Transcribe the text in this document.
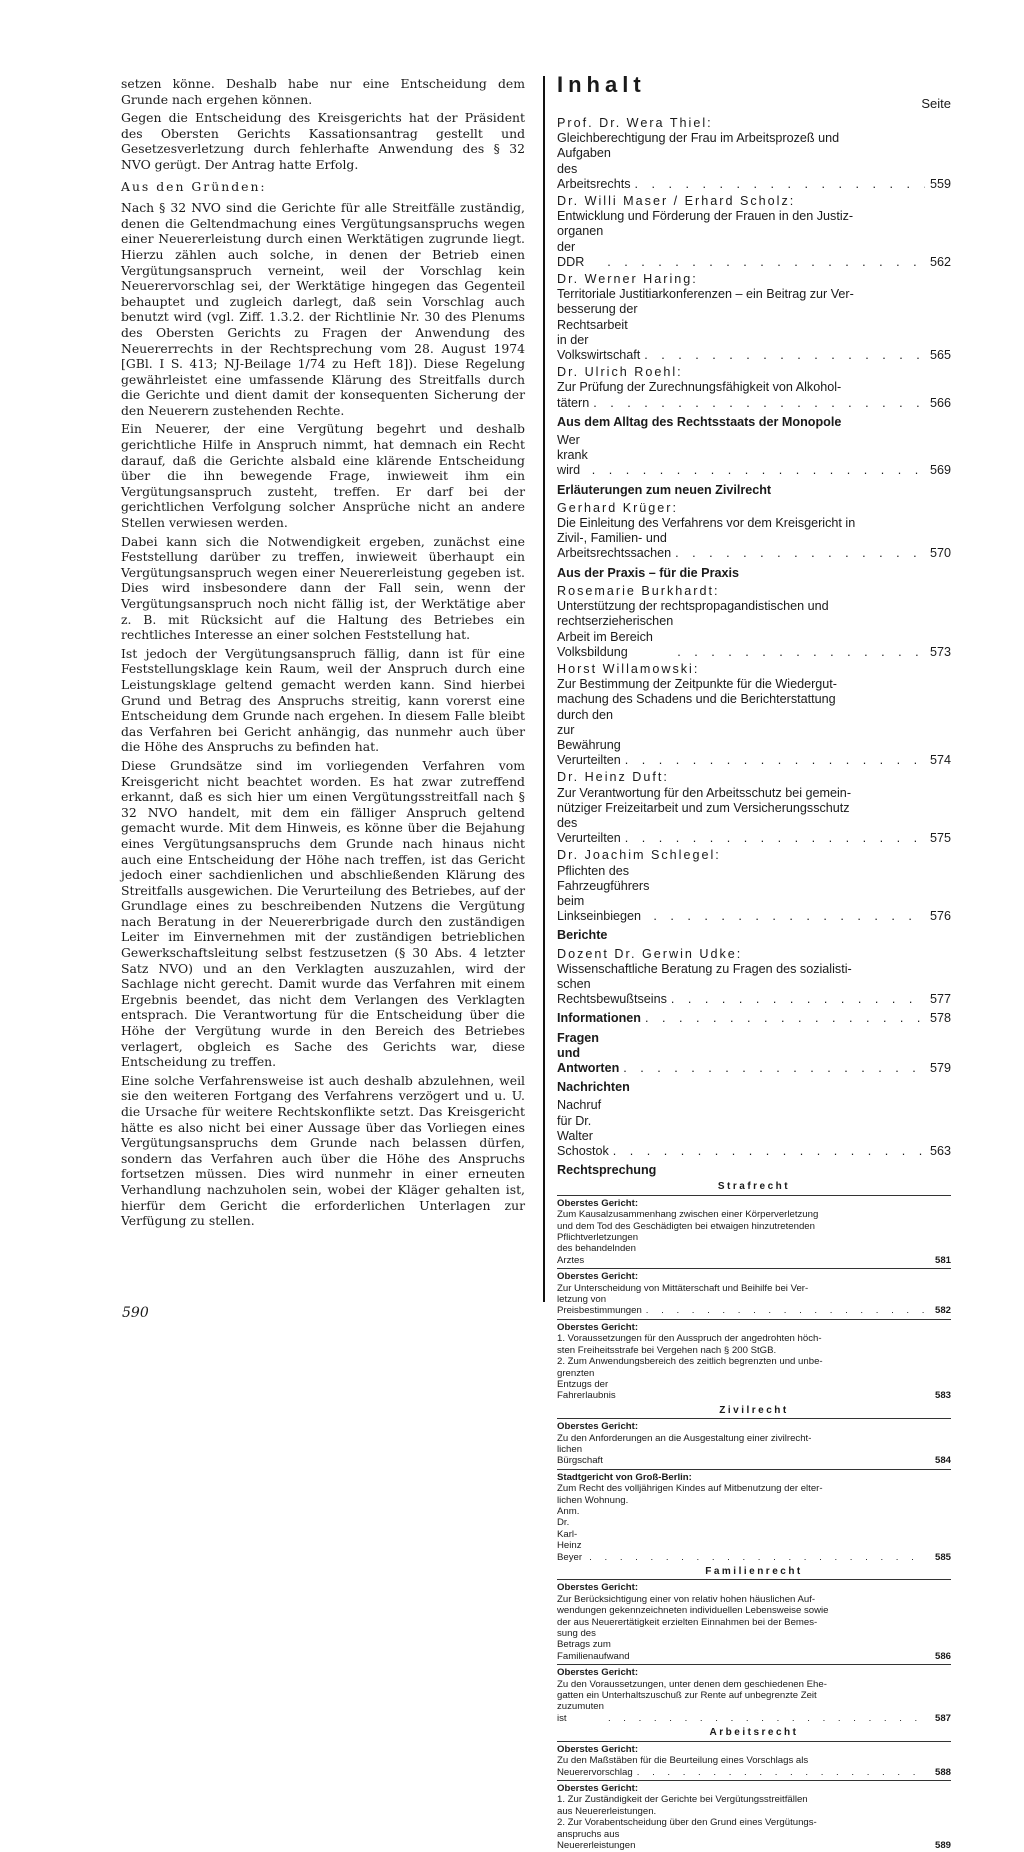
setzen könne. Deshalb habe nur eine Entscheidung dem Grunde nach ergehen können.

Gegen die Entscheidung des Kreisgerichts hat der Präsident des Obersten Gerichts Kassationsantrag gestellt und Gesetzesverletzung durch fehlerhafte Anwendung des § 32 NVO gerügt. Der Antrag hatte Erfolg.

Aus den Gründen:

Nach § 32 NVO sind die Gerichte für alle Streitfälle zuständig, denen die Geltendmachung eines Vergütungsanspruchs wegen einer Neuererleistung durch einen Werktätigen zugrunde liegt. Hierzu zählen auch solche, in denen der Betrieb einen Vergütungsanspruch verneint, weil der Vorschlag kein Neuerervorschlag sei, der Werktätige hingegen das Gegenteil behauptet und zugleich darlegt, daß sein Vorschlag auch benutzt wird (vgl. Ziff. 1.3.2. der Richtlinie Nr. 30 des Plenums des Obersten Gerichts zu Fragen der Anwendung des Neuererrechts in der Rechtsprechung vom 28. August 1974 [GBl. I S. 413; NJ-Beilage 1/74 zu Heft 18]). Diese Regelung gewährleistet eine umfassende Klärung des Streitfalls durch die Gerichte und dient damit der konsequenten Sicherung der den Neuerern zustehenden Rechte.

Ein Neuerer, der eine Vergütung begehrt und deshalb gerichtliche Hilfe in Anspruch nimmt, hat demnach ein Recht darauf, daß die Gerichte alsbald eine klärende Entscheidung über die ihn bewegende Frage, inwieweit ihm ein Vergütungsanspruch zusteht, treffen. Er darf bei der gerichtlichen Verfolgung solcher Ansprüche nicht an andere Stellen verwiesen werden.

Dabei kann sich die Notwendigkeit ergeben, zunächst eine Feststellung darüber zu treffen, inwieweit überhaupt ein Vergütungsanspruch wegen einer Neuererleistung gegeben ist. Dies wird insbesondere dann der Fall sein, wenn der Vergütungsanspruch noch nicht fällig ist, der Werktätige aber z. B. mit Rücksicht auf die Haltung des Betriebes ein rechtliches Interesse an einer solchen Feststellung hat.

Ist jedoch der Vergütungsanspruch fällig, dann ist für eine Feststellungsklage kein Raum, weil der Anspruch durch eine Leistungsklage geltend gemacht werden kann. Sind hierbei Grund und Betrag des Anspruchs streitig, kann vorerst eine Entscheidung dem Grunde nach ergehen. In diesem Falle bleibt das Verfahren bei Gericht anhängig, das nunmehr auch über die Höhe des Anspruchs zu befinden hat.

Diese Grundsätze sind im vorliegenden Verfahren vom Kreisgericht nicht beachtet worden. Es hat zwar zutreffend erkannt, daß es sich hier um einen Vergütungsstreitfall nach § 32 NVO handelt, mit dem ein fälliger Anspruch geltend gemacht wurde. Mit dem Hinweis, es könne über die Bejahung eines Vergütungsanspruchs dem Grunde nach hinaus nicht auch eine Entscheidung der Höhe nach treffen, ist das Gericht jedoch einer sachdienlichen und abschließenden Klärung des Streitfalls ausgewichen. Die Verurteilung des Betriebes, auf der Grundlage eines zu beschreibenden Nutzens die Vergütung nach Beratung in der Neuererbrigade durch den zuständigen Leiter im Einvernehmen mit der zuständigen betrieblichen Gewerkschaftsleitung selbst festzusetzen (§ 30 Abs. 4 letzter Satz NVO) und an den Verklagten auszuzahlen, wird der Sachlage nicht gerecht. Damit wurde das Verfahren mit einem Ergebnis beendet, das nicht dem Verlangen des Verklagten entsprach. Die Verantwortung für die Entscheidung über die Höhe der Vergütung wurde in den Bereich des Betriebes verlagert, obgleich es Sache des Gerichts war, diese Entscheidung zu treffen.

Eine solche Verfahrensweise ist auch deshalb abzulehnen, weil sie den weiteren Fortgang des Verfahrens verzögert und u. U. die Ursache für weitere Rechtskonflikte setzt. Das Kreisgericht hätte es also nicht bei einer Aussage über das Vorliegen eines Vergütungsanspruchs dem Grunde nach belassen dürfen, sondern das Verfahren auch über die Höhe des Anspruchs fortsetzen müssen. Dies wird nunmehr in einer erneuten Verhandlung nachzuholen sein, wobei der Kläger gehalten ist, hierfür dem Gericht die erforderlichen Unterlagen zur Verfügung zu stellen.

590
Inhalt
Seite
Prof. Dr. Wera Thiel:
Gleichberechtigung der Frau im Arbeitsprozeß und
Aufgaben des Arbeitsrechts . . .	559
Dr. Willi Maser / Erhard Scholz:
Entwicklung und Förderung der Frauen in den Justiz-
organen der DDR . . .	562
Dr. Werner Haring:
Territoriale Justitiarkonferenzen – ein Beitrag zur Ver-
besserung der Rechtsarbeit in der Volkswirtschaft . . .	565
Dr. Ulrich Roehl:
Zur Prüfung der Zurechnungsfähigkeit von Alkohol-
tätern . . .	566
Aus dem Alltag des Rechtsstaats der Monopole
Wer krank wird . . .	569
Erläuterungen zum neuen Zivilrecht
Gerhard Krüger:
Die Einleitung des Verfahrens vor dem Kreisgericht in
Zivil-, Familien- und Arbeitsrechtssachen . . .	570
Aus der Praxis – für die Praxis
Rosemarie Burkhardt:
Unterstützung der rechtspropagandistischen und
rechtserzieherischen Arbeit im Bereich Volksbildung . . .	573
Horst Willamowski:
Zur Bestimmung der Zeitpunkte für die Wiedergut-
machung des Schadens und die Berichterstattung
durch den zur Bewährung Verurteilten . . .	574
Dr. Heinz Duft:
Zur Verantwortung für den Arbeitsschutz bei gemein-
nütziger Freizeitarbeit und zum Versicherungsschutz
des Verurteilten . . .	575
Dr. Joachim Schlegel:
Pflichten des Fahrzeugführers beim Linkseinbiegen . . .	576
Berichte
Dozent Dr. Gerwin Udke:
Wissenschaftliche Beratung zu Fragen des sozialisti-
schen Rechtsbewußtseins . . .	577
Informationen . . .	578
Fragen und Antworten . . .	579
Nachrichten
Nachruf für Dr. Walter Schostok . . .	563
Rechtsprechung
Strafrecht
Oberstes Gericht:
Zum Kausalzusammenhang zwischen einer Körperverletzung
und dem Tod des Geschädigten bei etwaigen hinzutretenden
Pflichtverletzungen des behandelnden Arztes	581
Oberstes Gericht:
Zur Unterscheidung von Mittäterschaft und Beihilfe bei Ver-
letzung von Preisbestimmungen . . .	582
Oberstes Gericht:
1. Voraussetzungen für den Ausspruch der angedrohten höch-
sten Freiheitsstrafe bei Vergehen nach § 200 StGB.
2. Zum Anwendungsbereich des zeitlich begrenzten und unbe-
grenzten Entzugs der Fahrerlaubnis	583
Zivilrecht
Oberstes Gericht:
Zu den Anforderungen an die Ausgestaltung einer zivilrecht-
lichen Bürgschaft	584
Stadtgericht von Groß-Berlin:
Zum Recht des volljährigen Kindes auf Mitbenutzung der elter-
lichen Wohnung.
Anm. Dr. Karl-Heinz Beyer . . .	585
Familienrecht
Oberstes Gericht:
Zur Berücksichtigung einer von relativ hohen häuslichen Auf-
wendungen gekennzeichneten individuellen Lebensweise sowie
der aus Neuerertätigkeit erzielten Einnahmen bei der Bemes-
sung des Betrags zum Familienaufwand	586
Oberstes Gericht:
Zu den Voraussetzungen, unter denen dem geschiedenen Ehe-
gatten ein Unterhaltszuschuß zur Rente auf unbegrenzte Zeit
zuzumuten ist . . .	587
Arbeitsrecht
Oberstes Gericht:
Zu den Maßstäben für die Beurteilung eines Vorschlags als
Neuerervorschlag . . .	588
Oberstes Gericht:
1. Zur Zuständigkeit der Gerichte bei Vergütungsstreitfällen
aus Neuererleistungen.
2. Zur Vorabentscheidung über den Grund eines Vergütungs-
anspruchs aus Neuererleistungen	589
